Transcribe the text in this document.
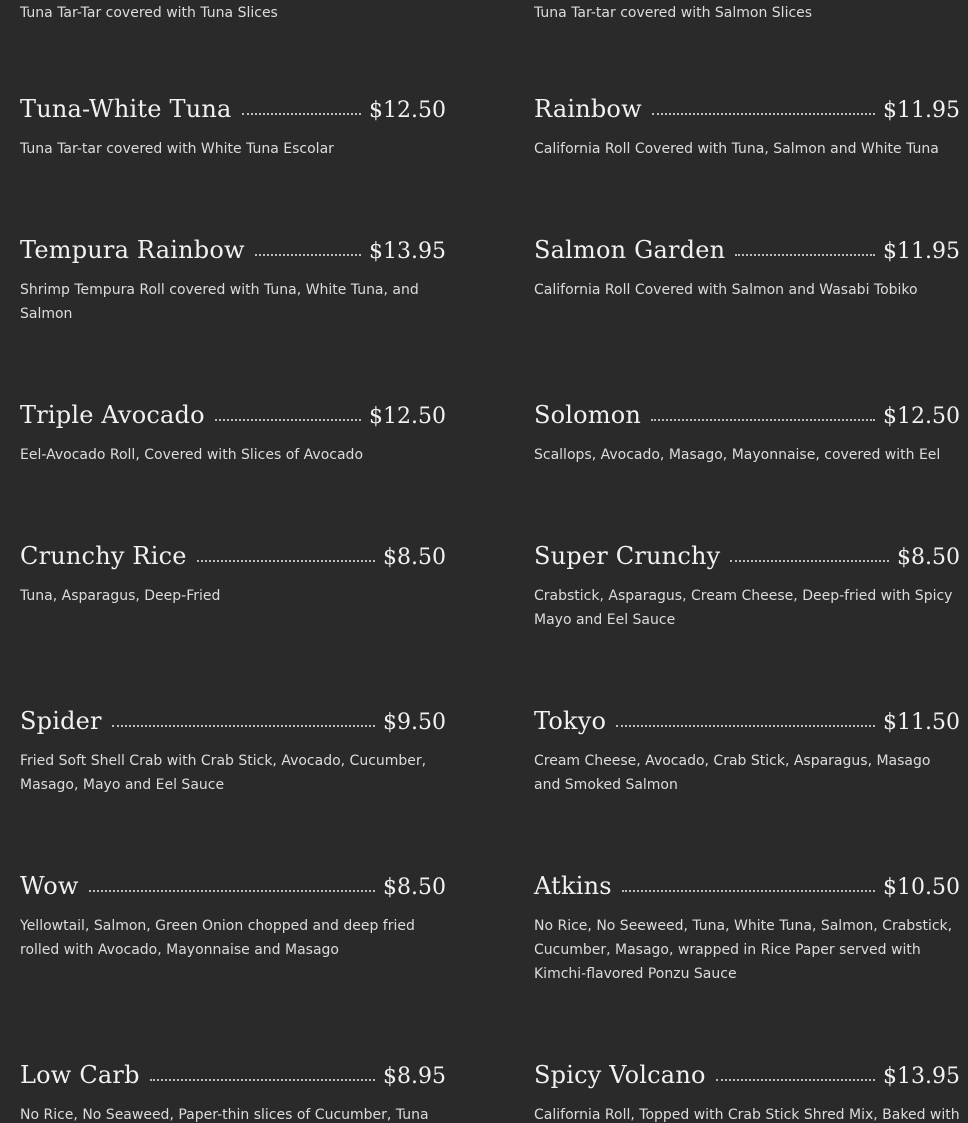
Tuna Tar-Tar covered with Tuna Slices	Tuna Tar-tar covered with Salmon Slices
Tuna-White Tuna	$12.50
Tuna Tar-tar covered with White Tuna Escolar
Rainbow	$11.95
California Roll Covered with Tuna, Salmon and White Tuna
Tempura Rainbow	$13.95
Shrimp Tempura Roll covered with Tuna, White Tuna, and Salmon
Salmon Garden	$11.95
California Roll Covered with Salmon and Wasabi Tobiko
Triple Avocado	$12.50
Eel-Avocado Roll, Covered with Slices of Avocado
Solomon	$12.50
Scallops, Avocado, Masago, Mayonnaise, covered with Eel
Crunchy Rice	$8.50
Tuna, Asparagus, Deep-Fried
Super Crunchy	$8.50
Crabstick, Asparagus, Cream Cheese, Deep-fried with Spicy Mayo and Eel Sauce
Spider	$9.50
Fried Soft Shell Crab with Crab Stick, Avocado, Cucumber, Masago, Mayo and Eel Sauce
Tokyo	$11.50
Cream Cheese, Avocado, Crab Stick, Asparagus, Masago and Smoked Salmon
Wow	$8.50
Yellowtail, Salmon, Green Onion chopped and deep fried rolled with Avocado, Mayonnaise and Masago
Atkins	$10.50
No Rice, No Seeweed, Tuna, White Tuna, Salmon, Crabstick, Cucumber, Masago, wrapped in Rice Paper served with Kimchi-flavored Ponzu Sauce
Low Carb	$8.95
No Rice, No Seaweed, Paper-thin slices of Cucumber, Tuna
Spicy Volcano	$13.95
California Roll, Topped with Crab Stick Shred Mix, Baked with
